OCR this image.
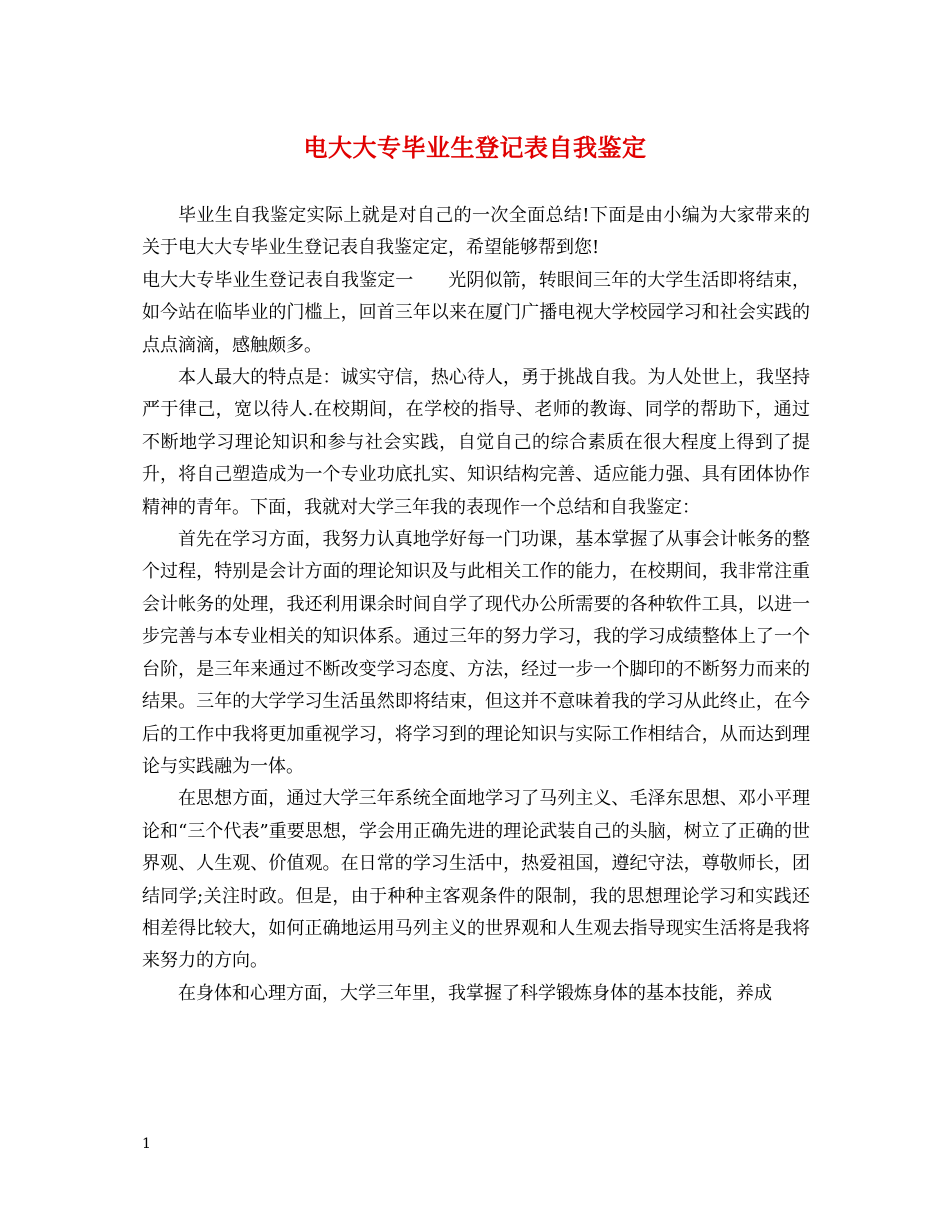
电大大专毕业生登记表自我鉴定

毕业生自我鉴定实际上就是对自己的一次全面总结!下面是由小编为大家带来的关于电大大专毕业生登记表自我鉴定定，希望能够帮到您!

电大大专毕业生登记表自我鉴定一 光阴似箭，转眼间三年的大学生活即将结束，如今站在临毕业的门槛上，回首三年以来在厦门广播电视大学校园学习和社会实践的点点滴滴，感触颇多。

本人最大的特点是：诚实守信，热心待人，勇于挑战自我。为人处世上，我坚持严于律己，宽以待人.在校期间，在学校的指导、老师的教诲、同学的帮助下，通过不断地学习理论知识和参与社会实践，自觉自己的综合素质在很大程度上得到了提升，将自己塑造成为一个专业功底扎实、知识结构完善、适应能力强、具有团体协作精神的青年。下面，我就对大学三年我的表现作一个总结和自我鉴定：

首先在学习方面，我努力认真地学好每一门功课，基本掌握了从事会计帐务的整个过程，特别是会计方面的理论知识及与此相关工作的能力，在校期间，我非常注重会计帐务的处理，我还利用课余时间自学了现代办公所需要的各种软件工具，以进一步完善与本专业相关的知识体系。通过三年的努力学习，我的学习成绩整体上了一个台阶，是三年来通过不断改变学习态度、方法，经过一步一个脚印的不断努力而来的结果。三年的大学学习生活虽然即将结束，但这并不意味着我的学习从此终止，在今后的工作中我将更加重视学习，将学习到的理论知识与实际工作相结合，从而达到理论与实践融为一体。

在思想方面，通过大学三年系统全面地学习了马列主义、毛泽东思想、邓小平理论和“三个代表”重要思想，学会用正确先进的理论武装自己的头脑，树立了正确的世界观、人生观、价值观。在日常的学习生活中，热爱祖国，遵纪守法，尊敬师长，团结同学;关注时政。但是，由于种种主客观条件的限制，我的思想理论学习和实践还相差得比较大，如何正确地运用马列主义的世界观和人生观去指导现实生活将是我将来努力的方向。

在身体和心理方面，大学三年里，我掌握了科学锻炼身体的基本技能，养成

1
